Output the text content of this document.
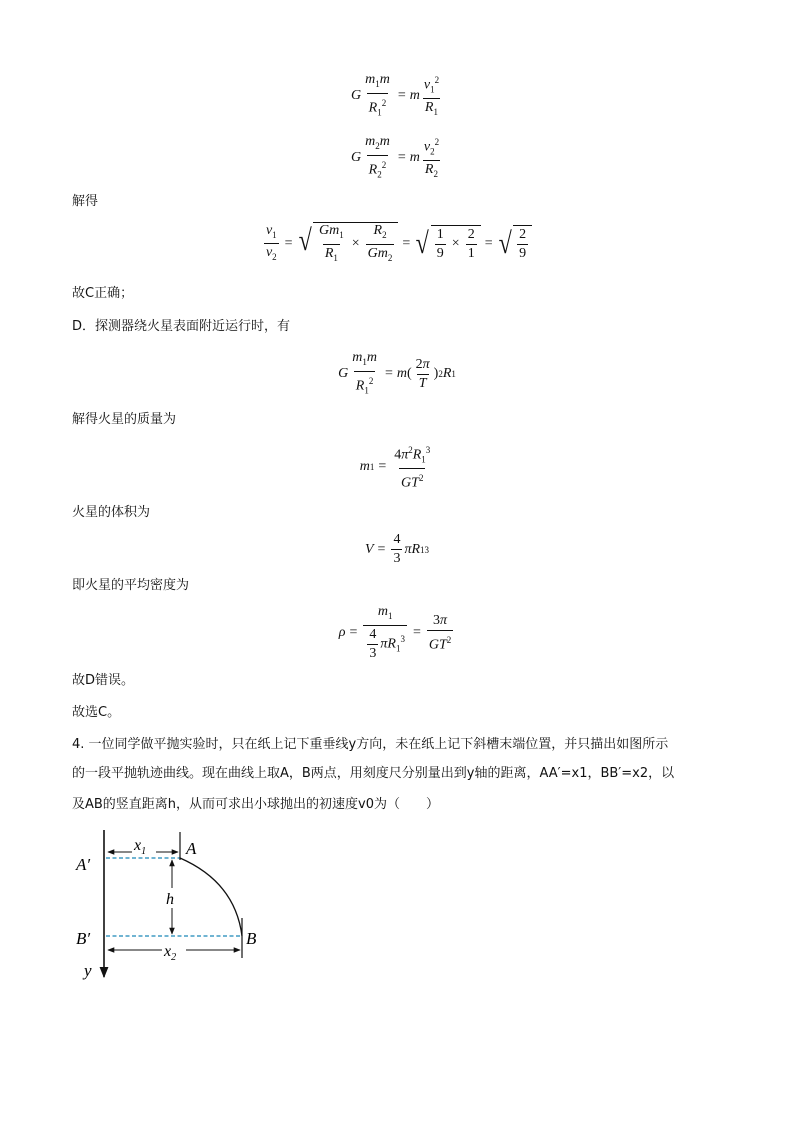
G $\frac{m_1m}{R_1^2} = m \frac{v_1^2}{R_1}$
G $\frac{m_2m}{R_2^2} = m \frac{v_2^2}{R_2}$
解得
$\frac{v_1}{v_2}$ = √ $\frac{Gm_1}{R_1} \times \frac{R_2}{Gm_2}$ = √ $\frac{1}{9} \times \frac{2}{1}$ = √ $\frac{2}{9}$
故C正确；
D．探测器绕火星表面附近运行时，有
G $\frac{m_1m}{R_1^2} = m$ ( $\frac{2\pi}{T}$ ) 2 R 1
解得火星的质量为
m $1 = \frac{4\pi^2R_1^3}{GT^2}$
火星的体积为
$V = \frac{4}{3}$ πR 1 3
即火星的平均密度为
$\rho = \frac{m_1}{\frac{4}{3} \pi R_1^3} = \frac{3\pi}{GT^2}$
故D错误。
故选C。
4. 一位同学做平抛实验时，只在纸上记下重垂线y方向，未在纸上记下斜槽末端位置，并只描出如图所示
的一段平抛轨迹曲线。现在曲线上取A，B两点，用刻度尺分别量出到y轴的距离，AA′=x1，BB′=x2，以
及AB的竖直距离h，从而可求出小球抛出的初速度v0为（　　）
y
$x_1$
h
$x_2$
A′
A
B′	B
